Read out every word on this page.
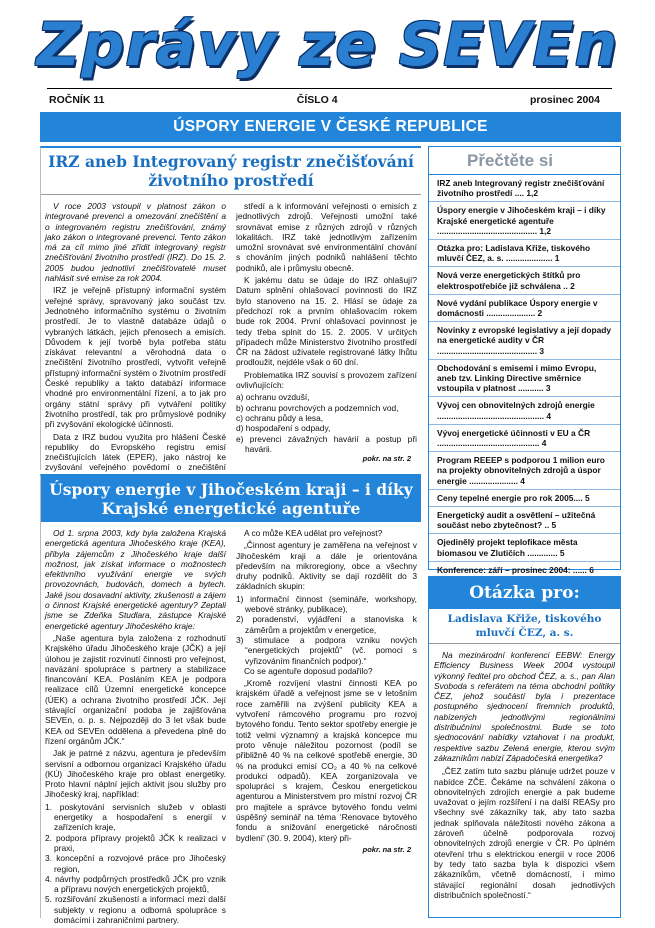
Zprávy ze SEVEn
ROČNÍK 11	ČÍSLO 4	prosinec 2004
ÚSPORY ENERGIE V ČESKÉ REPUBLICE
IRZ aneb Integrovaný registr znečišťování životního prostředí

V roce 2003 vstoupil v platnost zákon o integrované prevenci a omezování znečištění a o integrovaném registru znečišťování, známý jako zákon o integrované prevenci. Tento zákon má za cíl mimo jiné zřídit integrovaný registr znečišťování životního prostředí (IRZ). Do 15. 2. 2005 budou jednotliví znečišťovatelé muset nahlásit své emise za rok 2004.

IRZ je veřejně přístupný informační systém veřejné správy, spravovaný jako součást tzv. Jednotného informačního systému o životním prostředí. Je to vlastně databáze údajů o vybraných látkách, jejich přenosech a emisích. Důvodem k její tvorbě byla potřeba státu získávat relevantní a věrohodná data o znečištění životního prostředí, vytvořit veřejně přístupný informační systém o životním prostředí České republiky a takto databází informace vhodné pro environmentální řízení, a to jak pro orgány státní správy při vytváření politiky životního prostředí, tak pro průmyslové podniky při zvyšování ekologické účinnosti.

Data z IRZ budou využita pro hlášení České republiky do Evropského registru emisí znečišťujících látek (EPER), jako nástroj ke zvyšování veřejného povědomí o znečištění

středí a k informování veřejnosti o emisích z jednotlivých zdrojů. Veřejnosti umožní také srovnávat emise z různých zdrojů v různých lokalitách. IRZ také jednotlivým zařízením umožní srovnávat své environmentální chování s chováním jiných podniků nahlášení těchto podniků, ale i průmyslu obecně.

K jakému datu se údaje do IRZ ohlašují? Datum splnění ohlašovací povinnosti do IRZ bylo stanoveno na 15. 2. Hlásí se údaje za předchozí rok a prvním ohlašovacím rokem bude rok 2004. První ohlašovací povinnost je tedy třeba splnit do 15. 2. 2005. V určitých případech může Ministerstvo životního prostředí ČR na žádost uživatele registrované látky lhůtu prodloužit, nejdéle však o 60 dní.

Problematika IRZ souvisí s provozem zařízení ovlivňujících:

a) ochranu ovzduší,
b) ochranu povrchových a podzemních vod,
c) ochranu půdy a lesa,
d) hospodaření s odpady,
e) prevenci závažných havárií a postup při havárii.
pokr. na str. 2
Úspory energie v Jihočeském kraji – i díky Krajské energetické agentuře

Od 1. srpna 2003, kdy byla založena Krajská energetická agentura Jihočeského kraje (KEA), přibyla zájemcům z Jihočeského kraje další možnost, jak získat informace o možnostech efektivního využívání energie ve svých provozovnách, budovách, domech a bytech. Jaké jsou dosavadní aktivity, zkušenosti a zájem o činnost Krajské energetické agentury? Zeptali jsme se Zdeňka Studlara, zástupce Krajské energetické agentury Jihočeského kraje:

„Naše agentura byla založena z rozhodnutí Krajského úřadu Jihočeského kraje (JČK) a její úlohou je zajistit rozvinutí činnosti pro veřejnost, navázání spolupráce s partnery a stabilizace financování KEA. Posláním KEA je podpora realizace cílů Územní energetické koncepce (ÚEK) a ochrana životního prostředí JČK. Její stávající organizační podoba je zajišťována SEVEn, o. p. s. Nejpozději do 3 let však bude KEA od SEVEn oddělena a převedena plně do řízení orgánům JČK.“

Jak je patrné z názvu, agentura je především servisní a odbornou organizací Krajského úřadu (KÚ) Jihočeského kraje pro oblast energetiky. Proto hlavní náplní jejich aktivit jsou služby pro Jihočeský kraj, například:

1. poskytování servisních služeb v oblasti energetiky a hospodaření s energií v zařízeních kraje,
2. podpora přípravy projektů JČK k realizaci v praxi,
3. koncepční a rozvojové práce pro Jihočeský region,
4. návrhy podpůrných prostředků JČK pro vznik a přípravu nových energetických projektů,
5. rozšiřování zkušeností a informací mezi další subjekty v regionu a odborná spolupráce s domácími i zahraničními partnery.

A co může KEA udělat pro veřejnost?

„Činnost agentury je zaměřena na veřejnost v Jihočeském kraji a dále je orientována především na mikroregiony, obce a všechny druhy podniků. Aktivity se dají rozdělit do 3 základních skupin:

1) informační činnost (semináře, workshopy, webové stránky, publikace),
2) poradenství, vyjádření a stanoviska k záměrům a projektům v energetice,
3) stimulace a podpora vzniku nových “energetických projektů” (vč. pomoci s vyřizováním finančních podpor).“

Co se agentuře doposud podařilo?

„Kromě rozvíjení vlastní činnosti KEA po krajském úřadě a veřejnost jsme se v letošním roce zaměřili na zvýšení publicity KEA a vytvoření rámcového programu pro rozvoj bytového fondu. Tento sektor spotřeby energie je totiž velmi významný a krajská koncepce mu proto věnuje náležitou pozornost (podíl se přibližně 40 % na celkové spotřebě energie, 30 % na produkci emisí CO₂ a 40 % na celkové produkci odpadů). KEA zorganizovala ve spolupráci s krajem, Českou energetickou agenturou a Ministerstvem pro místní rozvoj ČR pro majitele a správce bytového fondu velmi úspěšný seminář na téma ‘Renovace bytového fondu a snižování energetické náročnosti bydlení’ (30. 9. 2004), který při-

pokr. na str. 2
Přečtěte si
IRZ aneb Integrovaný registr znečišťování životního prostředí .... 1,2
Úspory energie v Jihočeském kraji – i díky Krajské energetické agentuře ........................................... 1,2
Otázka pro: Ladislava Křiže, tiskového mluvčí ČEZ, a. s. .................... 1
Nová verze energetických štítků pro elektrospotřebiče již schválena .. 2
Nové vydání publikace Úspory energie v domácnosti ..................... 2
Novinky z evropské legislativy a její dopady na energetické audity v ČR ........................................... 3
Obchodování s emisemi i mimo Evropu, aneb tzv. Linking Directive směrnice vstoupila v platnost ........... 3
Vývoj cen obnovitelných zdrojů energie .............................................. 4
Vývoj energetické účinnosti v EU a ČR ............................................ 4
Program REEEP s podporou 1 milion euro na projekty obnovitelných zdrojů a úspor energie ..................... 4
Ceny tepelné energie pro rok 2005.... 5
Energetický audit a osvětlení – užitečná součást nebo zbytečnost? .. 5
Ojedinělý projekt teplofikace města biomasou ve Zlutičích ............. 5
Konference: září – prosinec 2004: ...... 6
Otázka pro:
Ladislava Křiže, tiskového mluvčí ČEZ, a. s.

Na mezinárodní konferenci EEBW: Energy Efficiency Business Week 2004 vystoupil výkonný ředitel pro obchod ČEZ, a. s., pan Alan Svoboda s referátem na téma obchodní politiky ČEZ, jehož součástí byla i prezentace postupného sjednocení firemních produktů, nabízených jednotlivými regionálními distribučními společnostmi. Bude se toto sjednocování nabídky vztahovat i na produkt, respektive sazbu Zelená energie, kterou svým zákazníkům nabízí Západočeská energetika?

„ČEZ zatím tuto sazbu plánuje udržet pouze v nabídce ZČE. Čekáme na schválení zákona o obnovitelných zdrojích energie a pak budeme uvažovat o jejím rozšíření i na další REASy pro všechny své zákazníky tak, aby tato sazba jednak splňovala náležitosti nového zákona a zároveň účelně podporovala rozvoj obnovitelných zdrojů energie v ČR. Po úplném otevření trhu s elektrickou energií v roce 2006 by tedy tato sazba byla k dispozici všem zákazníkům, včetně domácností, i mimo stávající regionální dosah jednotlivých distribučních společností.“
